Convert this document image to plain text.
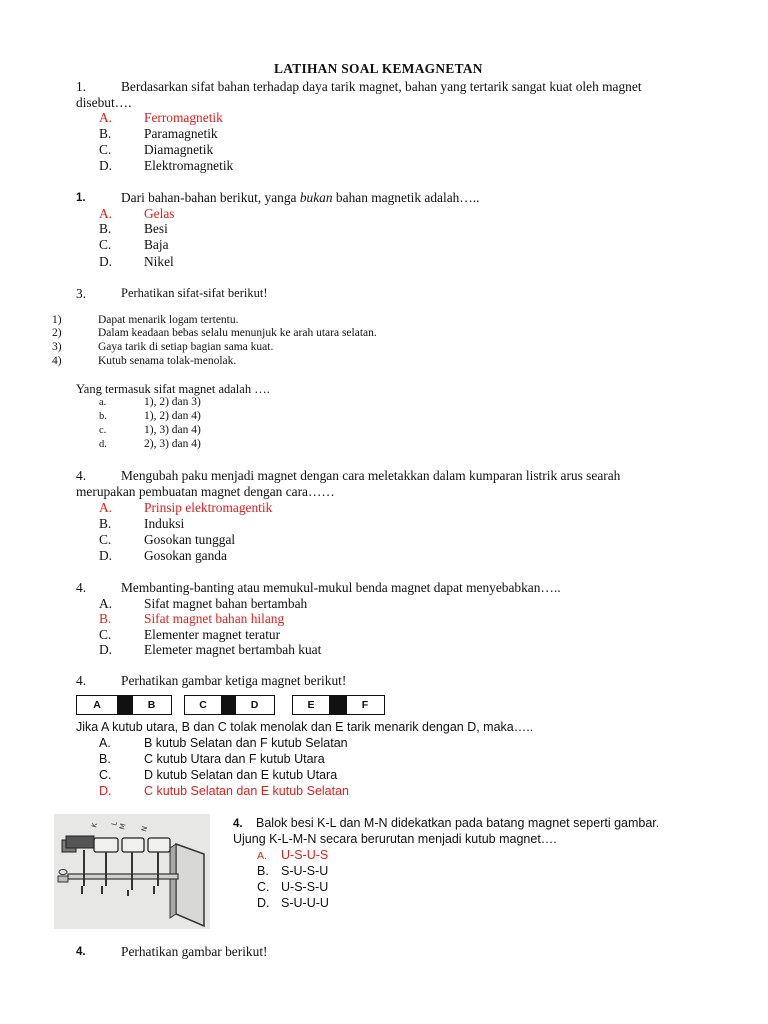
LATIHAN SOAL KEMAGNETAN
1.	Berdasarkan sifat bahan terhadap daya tarik magnet, bahan yang tertarik sangat kuat oleh magnet
disebut….
A. Ferromagnetik
B. Paramagnetik
C. Diamagnetik
D. Elektromagnetik
1.	Dari bahan-bahan berikut, yanga bukan bahan magnetik adalah…..
A. Gelas
B. Besi
C. Baja
D. Nikel
3.	Perhatikan sifat-sifat berikut!
1)	Dapat menarik logam tertentu.
2)	Dalam keadaan bebas selalu menunjuk ke arah utara selatan.
3)	Gaya tarik di setiap bagian sama kuat.
4)	Kutub senama tolak-menolak.
Yang termasuk sifat magnet adalah ….
a.	1), 2) dan 3)
b.	1), 2) dan 4)
c.	1), 3) dan 4)
d.	2), 3) dan 4)
4.	Mengubah paku menjadi magnet dengan cara meletakkan dalam kumparan listrik arus searah
merupakan pembuatan magnet dengan cara……
A. Prinsip elektromagentik
B. Induksi
C. Gosokan tunggal
D. Gosokan ganda
4.	Membanting-banting atau memukul-mukul benda magnet dapat menyebabkan…..
A. Sifat magnet bahan bertambah
B. Sifat magnet bahan hilang
C. Elementer magnet teratur
D. Elemeter magnet bertambah kuat
4.	Perhatikan gambar ketiga magnet berikut!
A	B	C	D	E	F
Jika A kutub utara, B dan C tolak menolak dan E tarik menarik dengan D, maka…..
A.	B kutub Selatan dan F kutub Selatan
B.	C kutub Utara dan F kutub Utara
C.	D kutub Selatan dan E kutub Utara
D.	C kutub Selatan dan E kutub Selatan
K L M N	4. Balok besi K-L dan M-N didekatkan pada batang magnet seperti gambar.
Ujung K-L-M-N secara berurutan menjadi kutub magnet….
A. U-S-U-S
B. S-U-S-U
C. U-S-S-U
D. S-U-U-U
4.	Perhatikan gambar berikut!
